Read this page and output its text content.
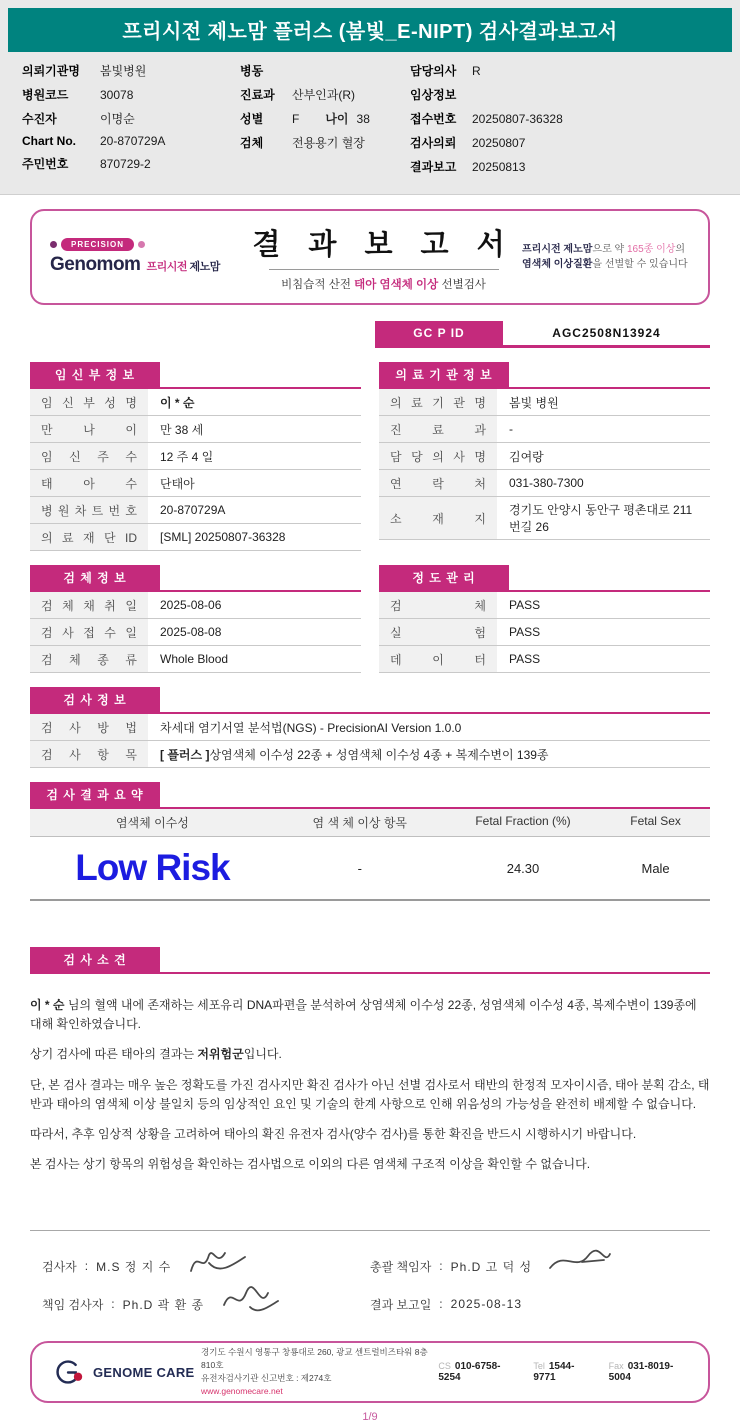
프리시전 제노맘 플러스 (봄빛_E-NIPT) 검사결과보고서
의뢰기관명	봄빛병원
병원코드	30078
수진자	이명순
Chart No.	20-870729A
주민번호	870729-2
병동
진료과	산부인과(R)
성별	F 나이 38
검체	전용용기 혈장
담당의사	R
임상정보
접수번호	20250807-36328
검사의뢰	20250807
결과보고	20250813
PRECISION
Genomom 프리시전 제노맘
결 과 보 고 서
비침습적 산전 태아 염색체 이상 선별검사
프리시전 제노맘으로 약 165종 이상의
염색체 이상질환을 선별할 수 있습니다
GC P ID	AGC2508N13924
임 신 부 정 보
임 신 부 성 명	이 * 순
만 나 이	만 38 세
임 신 주 수	12 주 4 일
태 아 수	단태아
병 원 차 트 번 호	20-870729A
의 료 재 단 ID	[SML] 20250807-36328
의 료 기 관 정 보
의 료 기 관 명	봄빛 병원
진 료 과	-
담 당 의 사 명	김여랑
연 락 처	031-380-7300
소 재 지
경기도 안양시 동안구 평촌대로 211번길 26
검 체 정 보
검 체 채 취 일	2025-08-06
검 사 접 수 일	2025-08-08
검 체 종 류	Whole Blood
정 도 관 리
검 체	PASS
실 험	PASS
데 이 터	PASS
검 사 정 보
검 사 방 법	차세대 염기서열 분석법(NGS) - PrecisionAI Version 1.0.0
검 사 항 목 [ 플러스 ] 상염색체 이수성 22종 + 성염색체 이수성 4종 + 복제수변이 139종
검 사 결 과 요 약
염색체 이수성	염 색 체 이상 항목	Fetal Fraction (%)	Fetal Sex
Low Risk	-	24.30	Male
검 사 소 견

이 * 순 님의 혈액 내에 존재하는 세포유리 DNA파편을 분석하여 상염색체 이수성 22종, 성염색체 이수성 4종, 복제수변이 139종에 대해 확인하였습니다.

상기 검사에 따른 태아의 결과는 저위험군입니다.

단, 본 검사 결과는 매우 높은 정확도를 가진 검사지만 확진 검사가 아닌 선별 검사로서 태반의 한정적 모자이시즘, 태아 분획 감소, 태반과 태아의 염색체 이상 불일치 등의 임상적인 요인 및 기술의 한계 사항으로 인해 위음성의 가능성을 완전히 배제할 수 없습니다.

따라서, 추후 임상적 상황을 고려하여 태아의 확진 유전자 검사(양수 검사)를 통한 확진을 반드시 시행하시기 바랍니다.

본 검사는 상기 항목의 위험성을 확인하는 검사법으로 이외의 다른 염색체 구조적 이상을 확인할 수 없습니다.

검사자 : M.S 정 지 수
책임 검사자 : Ph.D 곽 환 종
총괄 책임자 : Ph.D 고 덕 성
결과 보고일 : 2025-08-13
GENOME CARE
경기도 수원시 영통구 창룡대로 260, 광교 센트럴비즈타워 8층 810호
유전자검사기관 신고번호 : 제274호
www.genomecare.net
CS 010-6758-5254
Tel 1544-9771
Fax 031-8019-5004
1/9
